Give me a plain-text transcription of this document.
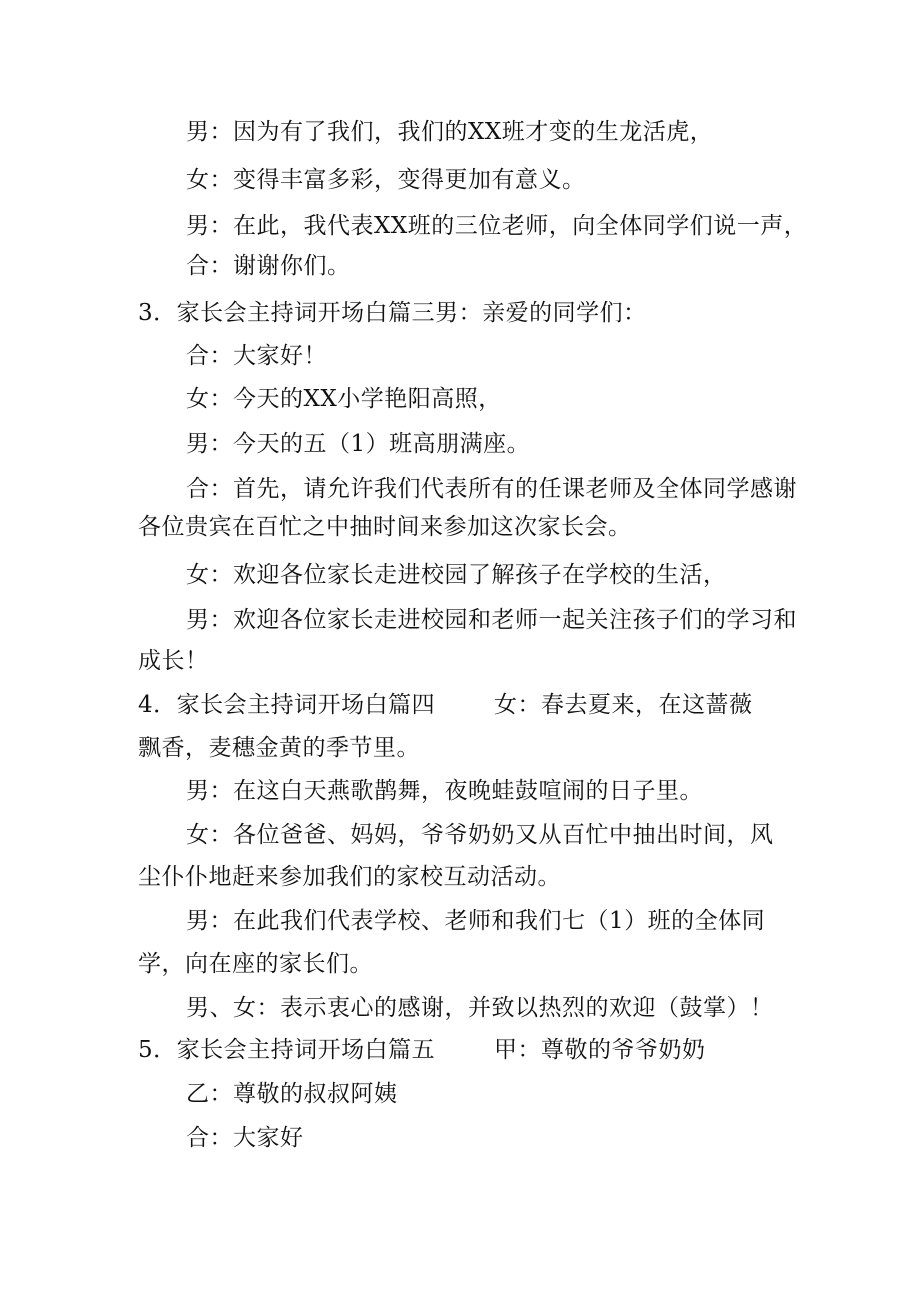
男：因为有了我们，我们的XX班才变的生龙活虎，
女：变得丰富多彩，变得更加有意义。
男：在此，我代表XX班的三位老师，向全体同学们说一声，
合：谢谢你们。
3．家长会主持词开场白篇三男：亲爱的同学们：
合：大家好！
女：今天的XX小学艳阳高照，
男：今天的五（1）班高朋满座。
合：首先，请允许我们代表所有的任课老师及全体同学感谢
各位贵宾在百忙之中抽时间来参加这次家长会。
女：欢迎各位家长走进校园了解孩子在学校的生活，
男：欢迎各位家长走进校园和老师一起关注孩子们的学习和
成长！
4．家长会主持词开场白篇四	女：春去夏来，在这蔷薇
飘香，麦穗金黄的季节里。
男：在这白天燕歌鹊舞，夜晚蛙鼓喧闹的日子里。
女：各位爸爸、妈妈，爷爷奶奶又从百忙中抽出时间，风
尘仆仆地赶来参加我们的家校互动活动。
男：在此我们代表学校、老师和我们七（1）班的全体同
学，向在座的家长们。
男、女：表示衷心的感谢，并致以热烈的欢迎（鼓掌）！
5．家长会主持词开场白篇五	甲：尊敬的爷爷奶奶
乙：尊敬的叔叔阿姨
合：大家好
